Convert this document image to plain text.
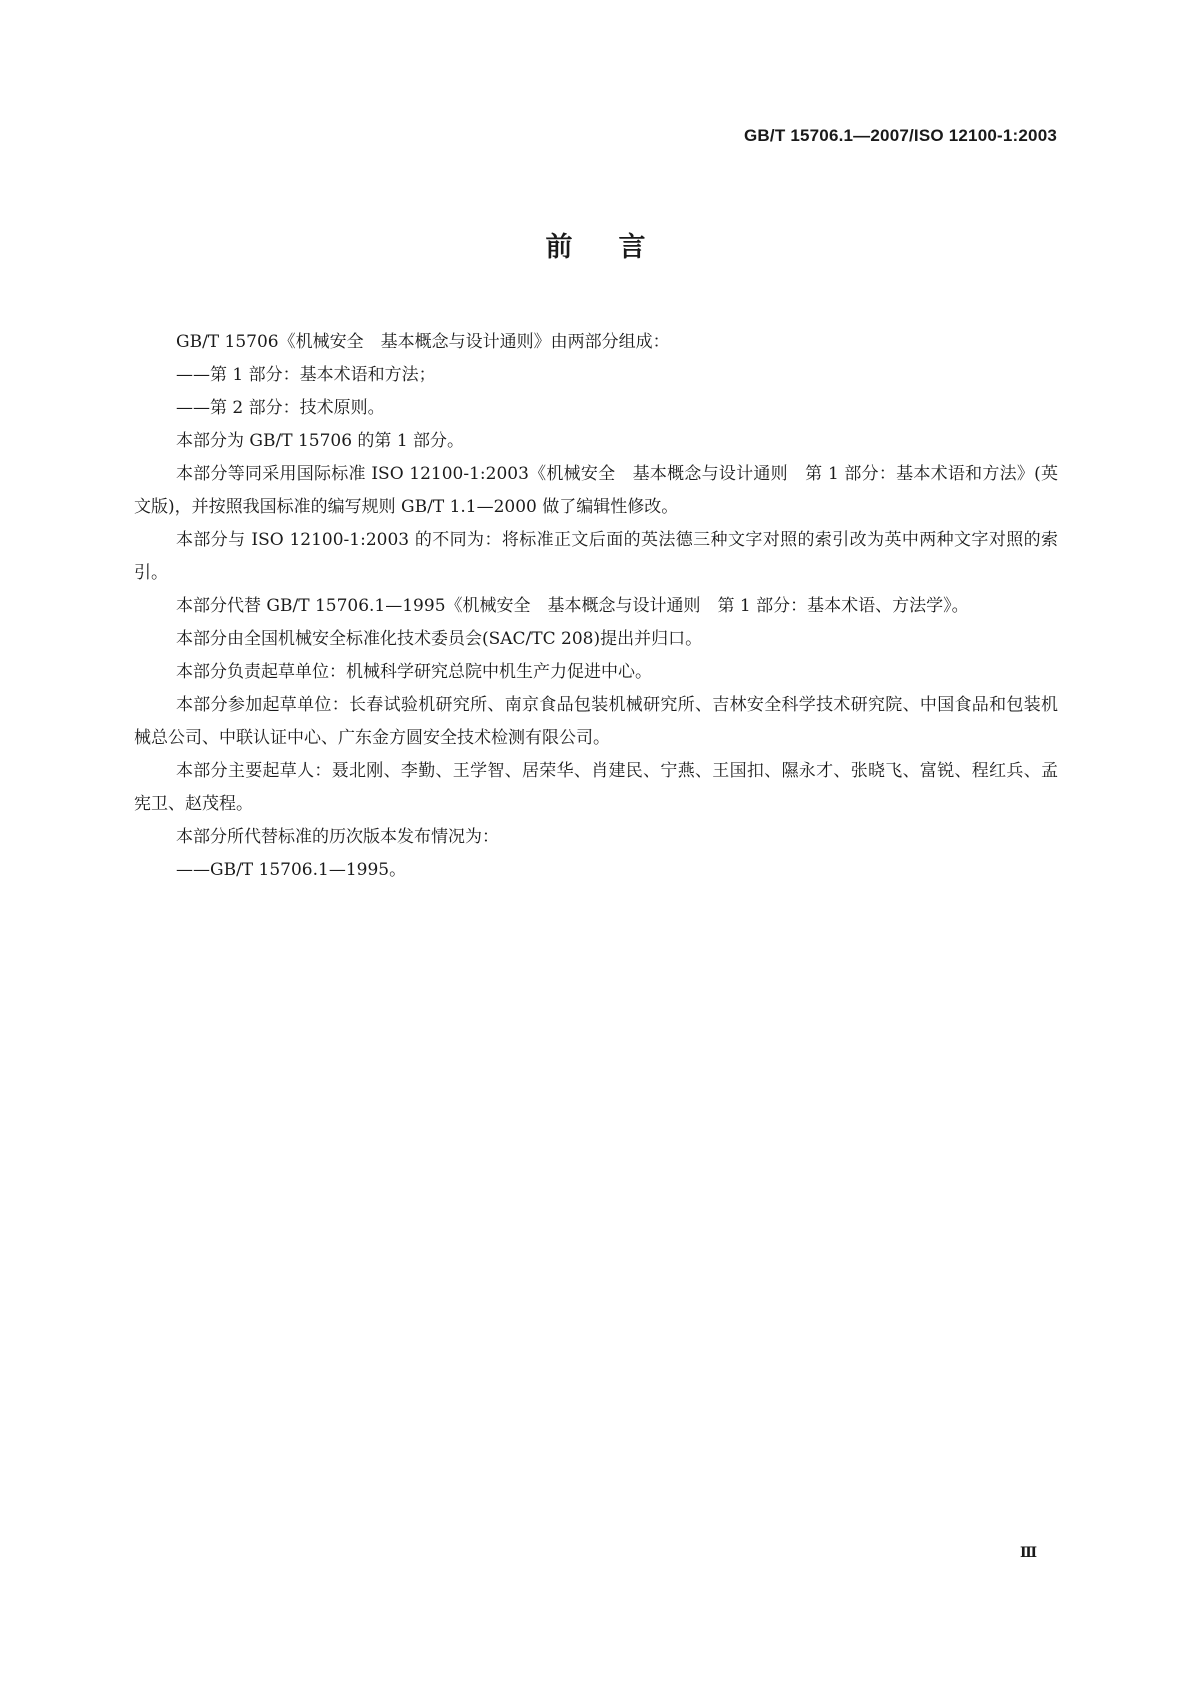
GB/T 15706.1—2007/ISO 12100-1:2003
前言

GB/T 15706《机械安全　基本概念与设计通则》由两部分组成：

——第 1 部分：基本术语和方法；

——第 2 部分：技术原则。

本部分为 GB/T 15706 的第 1 部分。

本部分等同采用国际标准 ISO 12100-1:2003《机械安全　基本概念与设计通则　第 1 部分：基本术语和方法》(英文版)，并按照我国标准的编写规则 GB/T 1.1—2000 做了编辑性修改。

本部分与 ISO 12100-1:2003 的不同为：将标准正文后面的英法德三种文字对照的索引改为英中两种文字对照的索引。

本部分代替 GB/T 15706.1—1995《机械安全　基本概念与设计通则　第 1 部分：基本术语、方法学》。

本部分由全国机械安全标准化技术委员会(SAC/TC 208)提出并归口。

本部分负责起草单位：机械科学研究总院中机生产力促进中心。

本部分参加起草单位：长春试验机研究所、南京食品包装机械研究所、吉林安全科学技术研究院、中国食品和包装机械总公司、中联认证中心、广东金方圆安全技术检测有限公司。

本部分主要起草人：聂北刚、李勤、王学智、居荣华、肖建民、宁燕、王国扣、隰永才、张晓飞、富锐、程红兵、孟宪卫、赵茂程。

本部分所代替标准的历次版本发布情况为：

——GB/T 15706.1—1995。

Ⅲ
